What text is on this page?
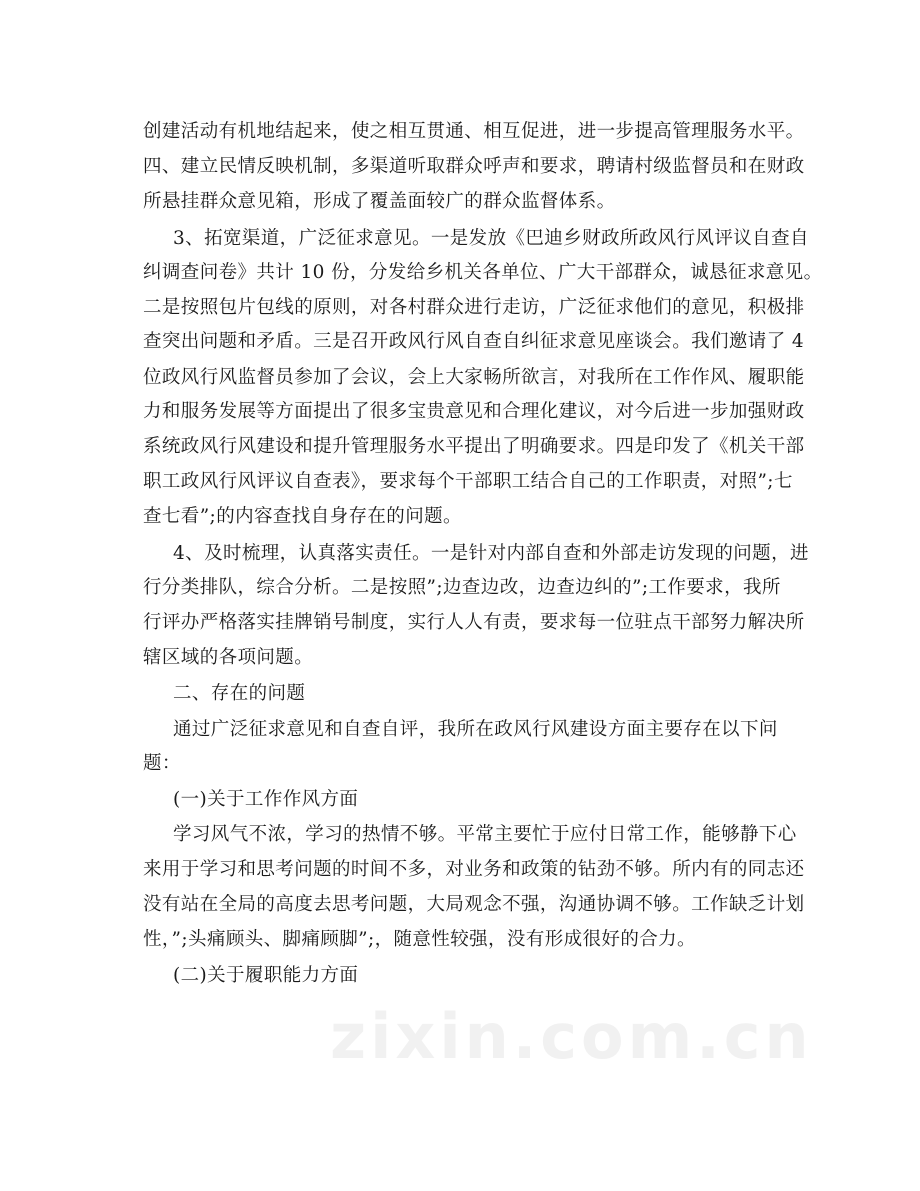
创建活动有机地结起来，使之相互贯通、相互促进，进一步提高管理服务水平。
四、建立民情反映机制，多渠道听取群众呼声和要求，聘请村级监督员和在财政
所悬挂群众意见箱，形成了覆盖面较广的群众监督体系。
3、拓宽渠道，广泛征求意见。一是发放《巴迪乡财政所政风行风评议自查自
纠调查问卷》共计 10 份，分发给乡机关各单位、广大干部群众，诚恳征求意见。
二是按照包片包线的原则，对各村群众进行走访，广泛征求他们的意见，积极排
查突出问题和矛盾。三是召开政风行风自查自纠征求意见座谈会。我们邀请了 4
位政风行风监督员参加了会议，会上大家畅所欲言，对我所在工作作风、履职能
力和服务发展等方面提出了很多宝贵意见和合理化建议，对今后进一步加强财政
系统政风行风建设和提升管理服务水平提出了明确要求。四是印发了《机关干部
职工政风行风评议自查表》，要求每个干部职工结合自己的工作职责，对照”;七
查七看”;的内容查找自身存在的问题。
4、及时梳理，认真落实责任。一是针对内部自查和外部走访发现的问题，进
行分类排队，综合分析。二是按照”;边查边改，边查边纠的”;工作要求，我所
行评办严格落实挂牌销号制度，实行人人有责，要求每一位驻点干部努力解决所
辖区域的各项问题。
二、存在的问题
通过广泛征求意见和自查自评，我所在政风行风建设方面主要存在以下问
题：
(一)关于工作作风方面
学习风气不浓，学习的热情不够。平常主要忙于应付日常工作，能够静下心
来用于学习和思考问题的时间不多，对业务和政策的钻劲不够。所内有的同志还
没有站在全局的高度去思考问题，大局观念不强，沟通协调不够。工作缺乏计划
性，”;头痛顾头、脚痛顾脚”;，随意性较强，没有形成很好的合力。
(二)关于履职能力方面
zixin.com.cn
